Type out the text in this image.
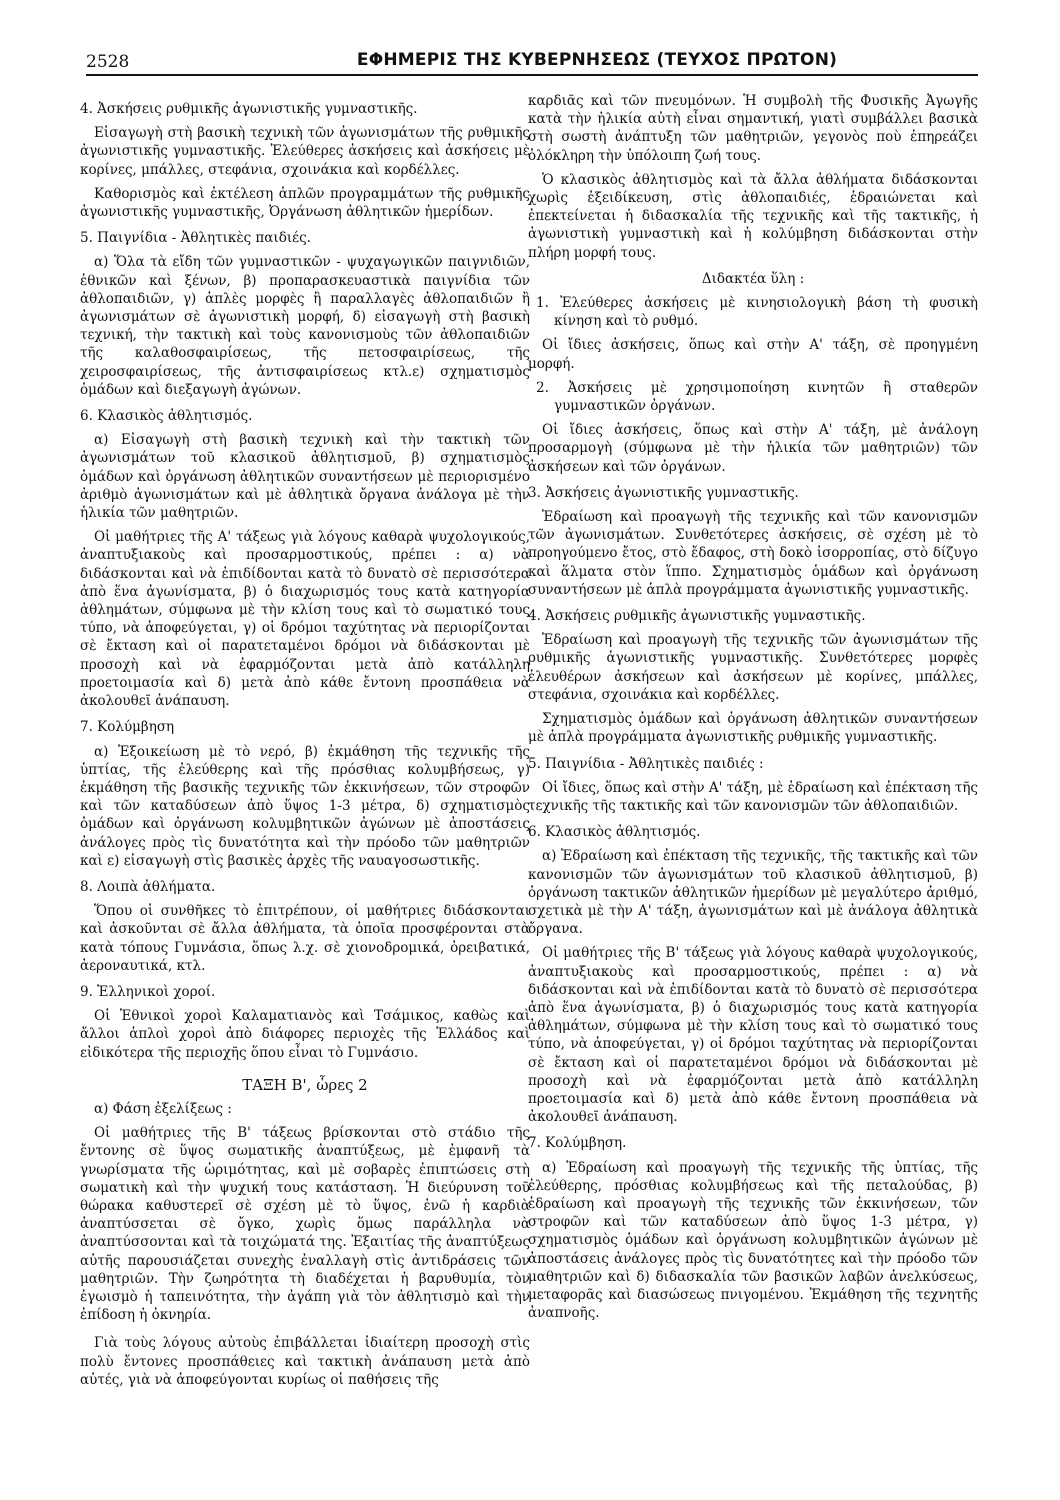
2528	ΕΦΗΜΕΡΙΣ ΤΗΣ ΚΥΒΕΡΝΗΣΕΩΣ (ΤΕΥΧΟΣ ΠΡΩΤΟΝ)

4. Ἀσκήσεις ρυθμικῆς ἀγωνιστικῆς γυμναστικῆς.

Εἰσαγωγὴ στὴ βασικὴ τεχνικὴ τῶν ἀγωνισμάτων τῆς ρυθμικῆς ἀγωνιστικῆς γυμναστικῆς. Ἐλεύθερες ἀσκήσεις καὶ ἀσκήσεις μὲ κορίνες, μπάλλες, στεφάνια, σχοινάκια καὶ κορδέλλες.

Καθορισμὸς καὶ ἐκτέλεση ἁπλῶν προγραμμάτων τῆς ρυθμικῆς ἀγωνιστικῆς γυμναστικῆς, Ὀργάνωση ἀθλητικῶν ἡμερίδων.

5. Παιγνίδια - Ἀθλητικὲς παιδιές.

α) Ὅλα τὰ εἴδη τῶν γυμναστικῶν - ψυχαγωγικῶν παιγνιδιῶν, ἐθνικῶν καὶ ξένων, β) προπαρασκευαστικὰ παιγνίδια τῶν ἀθλοπαιδιῶν, γ) ἁπλὲς μορφὲς ἢ παραλλαγὲς ἀθλοπαιδιῶν ἢ ἀγωνισμάτων σὲ ἀγωνιστικὴ μορφή, δ) εἰσαγωγὴ στὴ βασικὴ τεχνική, τὴν τακτικὴ καὶ τοὺς κανονισμοὺς τῶν ἀθλοπαιδιῶν τῆς καλαθοσφαιρίσεως, τῆς πετοσφαιρίσεως, τῆς χειροσφαιρίσεως, τῆς ἀντισφαιρίσεως κτλ.ε) σχηματισμὸς ὁμάδων καὶ διεξαγωγὴ ἀγώνων.

6. Κλασικὸς ἀθλητισμός.

α) Εἰσαγωγὴ στὴ βασικὴ τεχνικὴ καὶ τὴν τακτικὴ τῶν ἀγωνισμάτων τοῦ κλασικοῦ ἀθλητισμοῦ, β) σχηματισμὸς ὁμάδων καὶ ὀργάνωση ἀθλητικῶν συναντήσεων μὲ περιορισμένο ἀριθμὸ ἀγωνισμάτων καὶ μὲ ἀθλητικὰ ὄργανα ἀνάλογα μὲ τὴν ἡλικία τῶν μαθητριῶν.

Οἱ μαθήτριες τῆς Α' τάξεως γιὰ λόγους καθαρὰ ψυχολογικούς, ἀναπτυξιακοὺς καὶ προσαρμοστικούς, πρέπει : α) νὰ διδάσκονται καὶ νὰ ἐπιδίδονται κατὰ τὸ δυνατὸ σὲ περισσότερα ἀπὸ ἕνα ἀγωνίσματα, β) ὁ διαχωρισμός τους κατὰ κατηγορία ἀθλημάτων, σύμφωνα μὲ τὴν κλίση τους καὶ τὸ σωματικό τους τύπο, νὰ ἀποφεύγεται, γ) οἱ δρόμοι ταχύτητας νὰ περιορίζονται σὲ ἔκταση καὶ οἱ παρατεταμένοι δρόμοι νὰ διδάσκονται μὲ προσοχὴ καὶ νὰ ἐφαρμόζονται μετὰ ἀπὸ κατάλληλη προετοιμασία καὶ δ) μετὰ ἀπὸ κάθε ἔντονη προσπάθεια νὰ ἀκολουθεῖ ἀνάπαυση.

7. Κολύμβηση

α) Ἐξοικείωση μὲ τὸ νερό, β) ἐκμάθηση τῆς τεχνικῆς τῆς ὑπτίας, τῆς ἐλεύθερης καὶ τῆς πρόσθιας κολυμβήσεως, γ) ἐκμάθηση τῆς βασικῆς τεχνικῆς τῶν ἐκκινήσεων, τῶν στροφῶν καὶ τῶν καταδύσεων ἀπὸ ὕψος 1-3 μέτρα, δ) σχηματισμὸς ὁμάδων καὶ ὀργάνωση κολυμβητικῶν ἀγώνων μὲ ἀποστάσεις ἀνάλογες πρὸς τὶς δυνατότητα καὶ τὴν πρόοδο τῶν μαθητριῶν καὶ ε) εἰσαγωγὴ στὶς βασικὲς ἀρχὲς τῆς ναυαγοσωστικῆς.

8. Λοιπὰ ἀθλήματα.

Ὅπου οἱ συνθῆκες τὸ ἐπιτρέπουν, οἱ μαθήτριες διδάσκονται καὶ ἀσκοῦνται σὲ ἄλλα ἀθλήματα, τὰ ὁποῖα προσφέρονται στὰ κατὰ τόπους Γυμνάσια, ὅπως λ.χ. σὲ χιονοδρομικά, ὀρειβατικά, ἀεροναυτικά, κτλ.

9. Ἑλληνικοὶ χοροί.

Οἱ Ἐθνικοὶ χοροὶ Καλαματιανὸς καὶ Τσάμικος, καθὼς καὶ ἄλλοι ἁπλοὶ χοροὶ ἀπὸ διάφορες περιοχὲς τῆς Ἑλλάδος καὶ εἰδικότερα τῆς περιοχῆς ὅπου εἶναι τὸ Γυμνάσιο.

ΤΑΞΗ Β', ὧρες 2

α) Φάση ἐξελίξεως :

Οἱ μαθήτριες τῆς Β' τάξεως βρίσκονται στὸ στάδιο τῆς ἔντονης σὲ ὕψος σωματικῆς ἀναπτύξεως, μὲ ἐμφανῆ τὰ γνωρίσματα τῆς ὡριμότητας, καὶ μὲ σοβαρὲς ἐπιπτώσεις στὴ σωματικὴ καὶ τὴν ψυχική τους κατάσταση. Ἡ διεύρυνση τοῦ θώρακα καθυστερεῖ σὲ σχέση μὲ τὸ ὕψος, ἐνῶ ἡ καρδιὰ ἀναπτύσσεται σὲ ὄγκο, χωρὶς ὅμως παράλληλα νὰ ἀναπτύσσονται καὶ τὰ τοιχώματά της. Ἐξαιτίας τῆς ἀναπτύξεως αὐτῆς παρουσιάζεται συνεχὴς ἐναλλαγὴ στὶς ἀντιδράσεις τῶν μαθητριῶν. Τὴν ζωηρότητα τὴ διαδέχεται ἡ βαρυθυμία, τὸν ἐγωισμὸ ἡ ταπεινότητα, τὴν ἀγάπη γιὰ τὸν ἀθλητισμὸ καὶ τὴν ἐπίδοση ἡ ὀκνηρία.

Γιὰ τοὺς λόγους αὐτοὺς ἐπιβάλλεται ἰδιαίτερη προσοχὴ στὶς πολὺ ἔντονες προσπάθειες καὶ τακτικὴ ἀνάπαυση μετὰ ἀπὸ αὐτές, γιὰ νὰ ἀποφεύγονται κυρίως οἱ παθήσεις τῆς

καρδιᾶς καὶ τῶν πνευμόνων. Ἡ συμβολὴ τῆς Φυσικῆς Ἀγωγῆς κατὰ τὴν ἡλικία αὐτὴ εἶναι σημαντική, γιατὶ συμβάλλει βασικὰ στὴ σωστὴ ἀνάπτυξη τῶν μαθητριῶν, γεγονὸς ποὺ ἐπηρεάζει ὁλόκληρη τὴν ὑπόλοιπη ζωή τους.

Ὁ κλασικὸς ἀθλητισμὸς καὶ τὰ ἄλλα ἀθλήματα διδάσκονται χωρὶς ἐξειδίκευση, στὶς ἀθλοπαιδιές, ἑδραιώνεται καὶ ἐπεκτείνεται ἡ διδασκαλία τῆς τεχνικῆς καὶ τῆς τακτικῆς, ἡ ἀγωνιστικὴ γυμναστικὴ καὶ ἡ κολύμβηση διδάσκονται στὴν πλήρη μορφή τους.

Διδακτέα ὕλη :

1. Ἐλεύθερες ἀσκήσεις μὲ κινησιολογικὴ βάση τὴ φυσικὴ κίνηση καὶ τὸ ρυθμό.

Οἱ ἴδιες ἀσκήσεις, ὅπως καὶ στὴν Α' τάξη, σὲ προηγμένη μορφή.

2. Ἀσκήσεις μὲ χρησιμοποίηση κινητῶν ἢ σταθερῶν γυμναστικῶν ὀργάνων.

Οἱ ἴδιες ἀσκήσεις, ὅπως καὶ στὴν Α' τάξη, μὲ ἀνάλογη προσαρμογὴ (σύμφωνα μὲ τὴν ἡλικία τῶν μαθητριῶν) τῶν ἀσκήσεων καὶ τῶν ὀργάνων.

3. Ἀσκήσεις ἀγωνιστικῆς γυμναστικῆς.

Ἑδραίωση καὶ προαγωγὴ τῆς τεχνικῆς καὶ τῶν κανονισμῶν τῶν ἀγωνισμάτων. Συνθετότερες ἀσκήσεις, σὲ σχέση μὲ τὸ προηγούμενο ἔτος, στὸ ἔδαφος, στὴ δοκὸ ἰσορροπίας, στὸ δίζυγο καὶ ἅλματα στὸν ἵππο. Σχηματισμὸς ὁμάδων καὶ ὀργάνωση συναντήσεων μὲ ἁπλὰ προγράμματα ἀγωνιστικῆς γυμναστικῆς.

4. Ἀσκήσεις ρυθμικῆς ἀγωνιστικῆς γυμναστικῆς.

Ἑδραίωση καὶ προαγωγὴ τῆς τεχνικῆς τῶν ἀγωνισμάτων τῆς ρυθμικῆς ἀγωνιστικῆς γυμναστικῆς. Συνθετότερες μορφὲς ἐλευθέρων ἀσκήσεων καὶ ἀσκήσεων μὲ κορίνες, μπάλλες, στεφάνια, σχοινάκια καὶ κορδέλλες.

Σχηματισμὸς ὁμάδων καὶ ὀργάνωση ἀθλητικῶν συναντήσεων μὲ ἁπλὰ προγράμματα ἀγωνιστικῆς ρυθμικῆς γυμναστικῆς.

5. Παιγνίδια - Ἀθλητικὲς παιδιές :

Οἱ ἴδιες, ὅπως καὶ στὴν Α' τάξη, μὲ ἑδραίωση καὶ ἐπέκταση τῆς τεχνικῆς τῆς τακτικῆς καὶ τῶν κανονισμῶν τῶν ἀθλοπαιδιῶν.

6. Κλασικὸς ἀθλητισμός.

α) Ἑδραίωση καὶ ἐπέκταση τῆς τεχνικῆς, τῆς τακτικῆς καὶ τῶν κανονισμῶν τῶν ἀγωνισμάτων τοῦ κλασικοῦ ἀθλητισμοῦ, β) ὀργάνωση τακτικῶν ἀθλητικῶν ἡμερίδων μὲ μεγαλύτερο ἀριθμό, σχετικὰ μὲ τὴν Α' τάξη, ἀγωνισμάτων καὶ μὲ ἀνάλογα ἀθλητικὰ ὄργανα.

Οἱ μαθήτριες τῆς Β' τάξεως γιὰ λόγους καθαρὰ ψυχολογικούς, ἀναπτυξιακοὺς καὶ προσαρμοστικούς, πρέπει : α) νὰ διδάσκονται καὶ νὰ ἐπιδίδονται κατὰ τὸ δυνατὸ σὲ περισσότερα ἀπὸ ἕνα ἀγωνίσματα, β) ὁ διαχωρισμός τους κατὰ κατηγορία ἀθλημάτων, σύμφωνα μὲ τὴν κλίση τους καὶ τὸ σωματικό τους τύπο, νὰ ἀποφεύγεται, γ) οἱ δρόμοι ταχύτητας νὰ περιορίζονται σὲ ἔκταση καὶ οἱ παρατεταμένοι δρόμοι νὰ διδάσκονται μὲ προσοχὴ καὶ νὰ ἐφαρμόζονται μετὰ ἀπὸ κατάλληλη προετοιμασία καὶ δ) μετὰ ἀπὸ κάθε ἔντονη προσπάθεια νὰ ἀκολουθεῖ ἀνάπαυση.

7. Κολύμβηση.

α) Ἑδραίωση καὶ προαγωγὴ τῆς τεχνικῆς τῆς ὑπτίας, τῆς ἐλεύθερης, πρόσθιας κολυμβήσεως καὶ τῆς πεταλούδας, β) ἑδραίωση καὶ προαγωγὴ τῆς τεχνικῆς τῶν ἐκκινήσεων, τῶν στροφῶν καὶ τῶν καταδύσεων ἀπὸ ὕψος 1-3 μέτρα, γ) σχηματισμὸς ὁμάδων καὶ ὀργάνωση κολυμβητικῶν ἀγώνων μὲ ἀποστάσεις ἀνάλογες πρὸς τὶς δυνατότητες καὶ τὴν πρόοδο τῶν μαθητριῶν καὶ δ) διδασκαλία τῶν βασικῶν λαβῶν ἀνελκύσεως, μεταφορᾶς καὶ διασώσεως πνιγομένου. Ἐκμάθηση τῆς τεχνητῆς ἀναπνοῆς.
